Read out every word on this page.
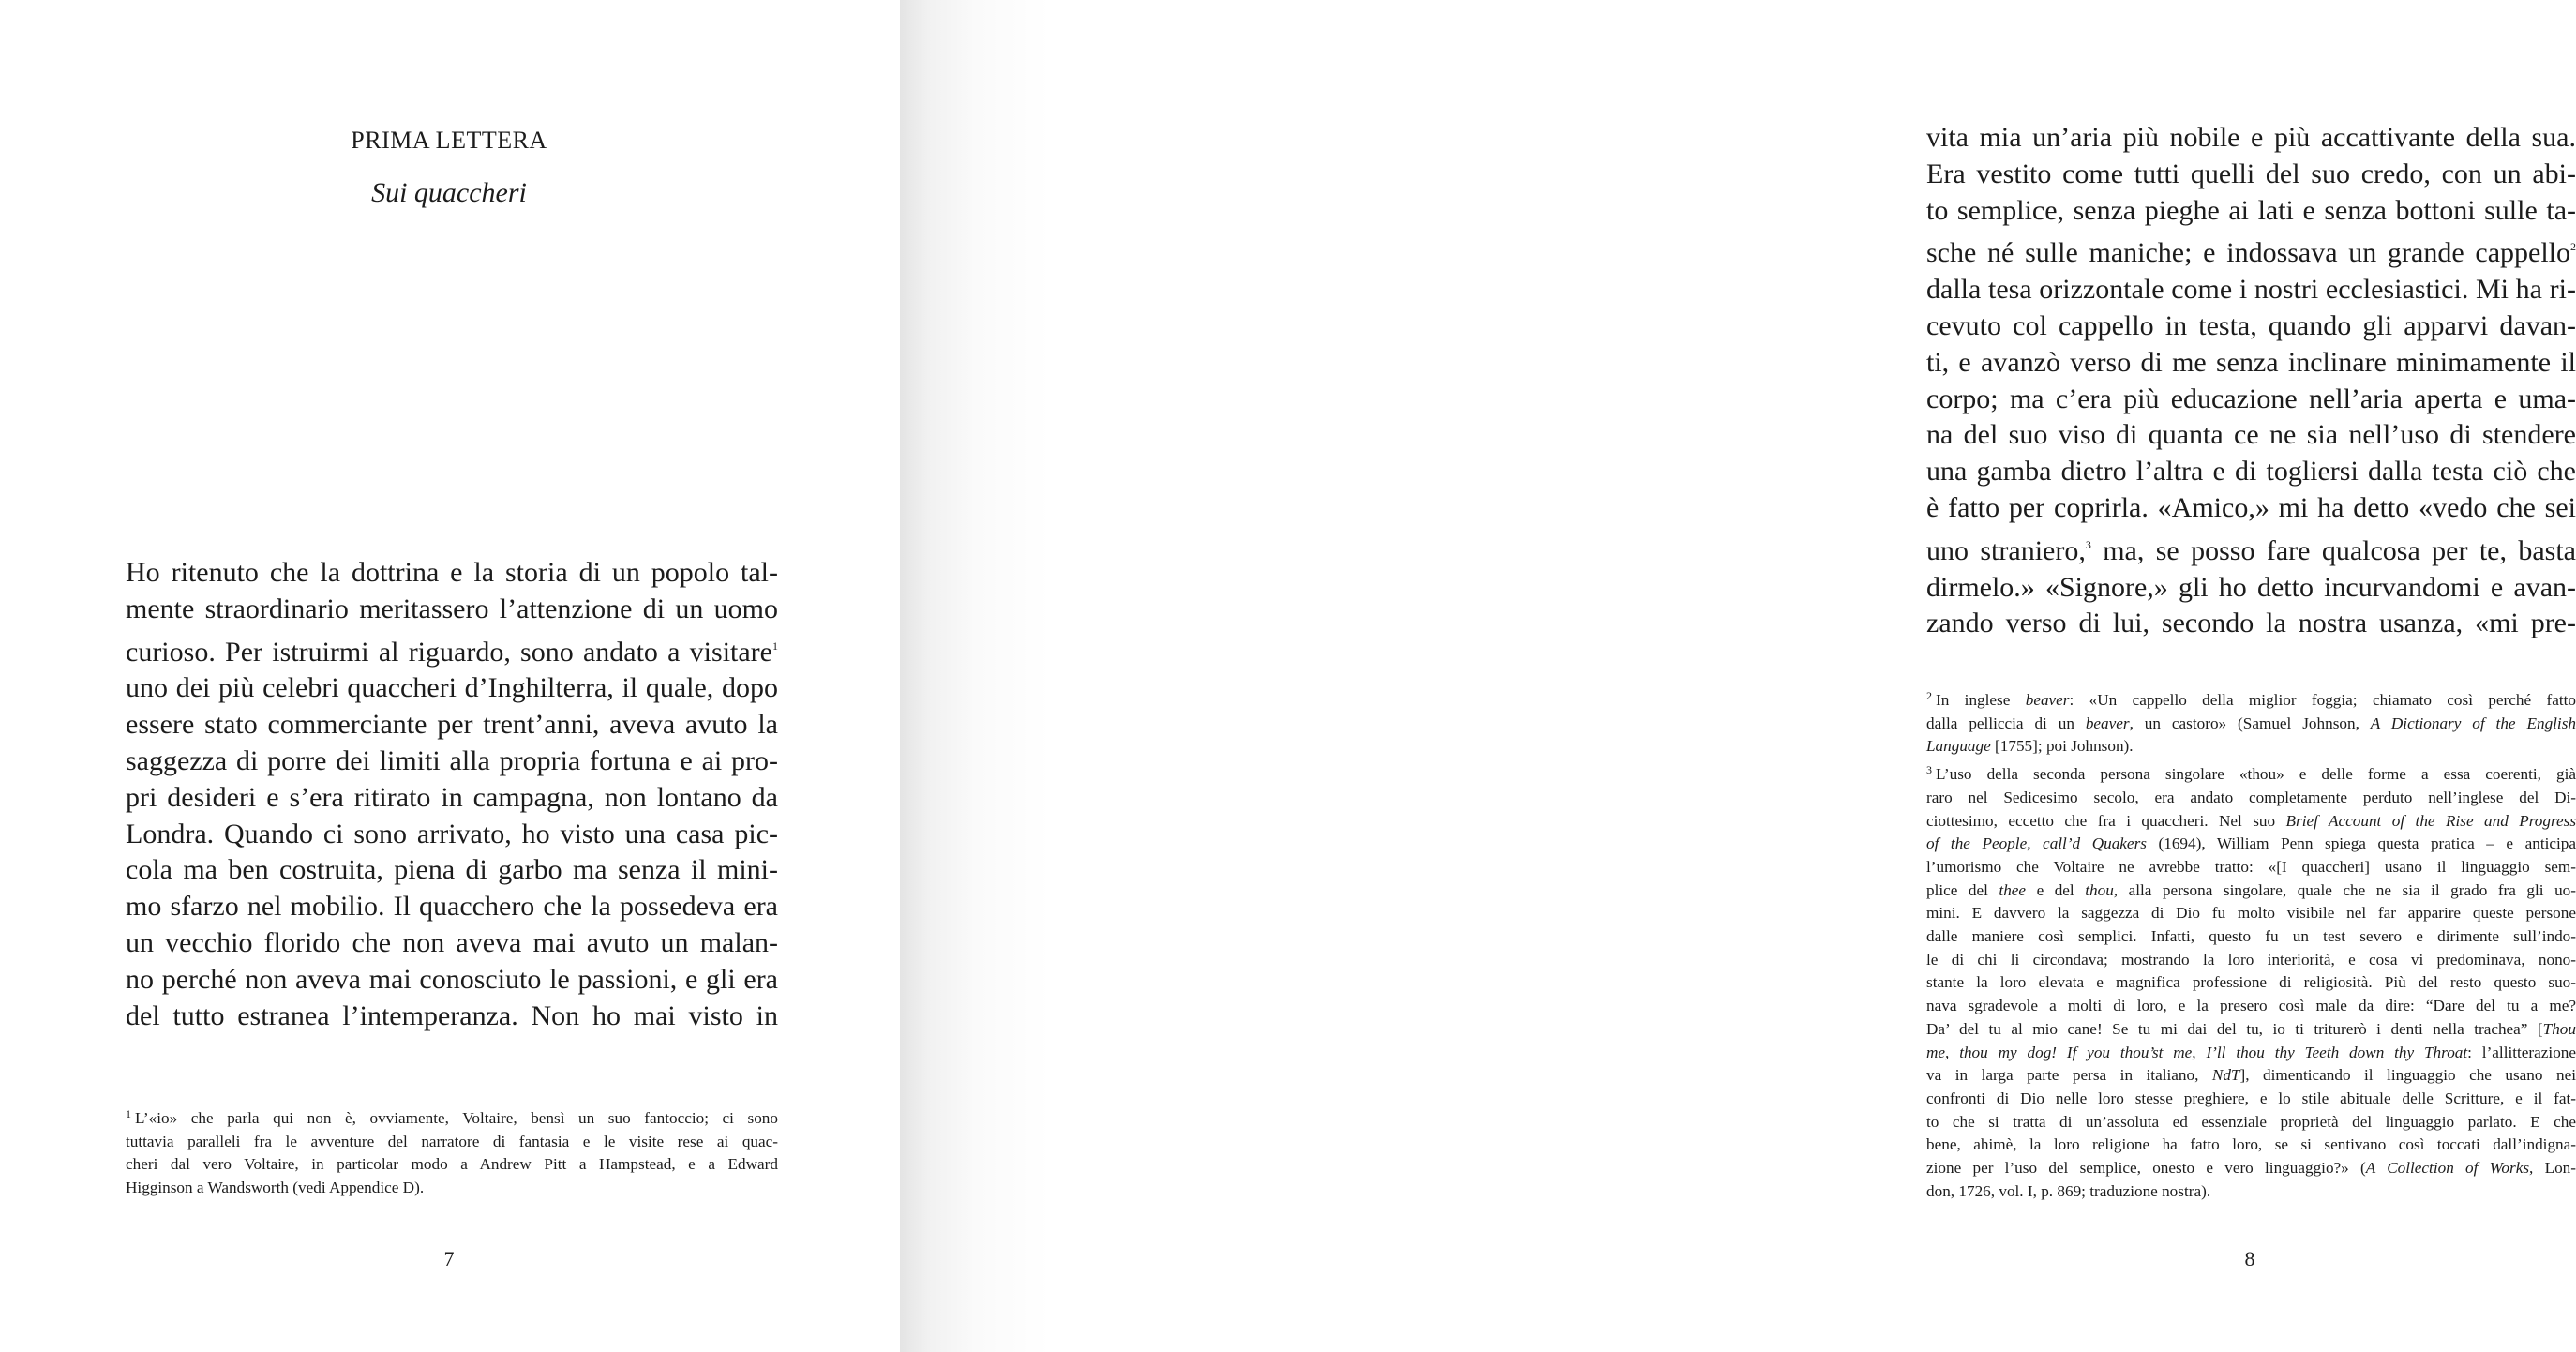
PRIMA LETTERA
Sui quaccheri
Ho ritenuto che la dottrina e la storia di un popolo tal-
mente straordinario meritassero l’attenzione di un uomo
curioso. Per istruirmi al riguardo, sono andato a visitare$^1$
uno dei più celebri quaccheri d’Inghilterra, il quale, dopo
essere stato commerciante per trent’anni, aveva avuto la
saggezza di porre dei limiti alla propria fortuna e ai pro-
pri desideri e s’era ritirato in campagna, non lontano da
Londra. Quando ci sono arrivato, ho visto una casa pic-
cola ma ben costruita, piena di garbo ma senza il mini-
mo sfarzo nel mobilio. Il quacchero che la possedeva era
un vecchio florido che non aveva mai avuto un malan-
no perché non aveva mai conosciuto le passioni, e gli era
del tutto estranea l’intemperanza. Non ho mai visto in
$^1$ L’«io» che parla qui non è, ovviamente, Voltaire, bensì un suo fantoccio; ci sono
tuttavia paralleli fra le avventure del narratore di fantasia e le visite rese ai quac-
cheri dal vero Voltaire, in particolar modo a Andrew Pitt a Hampstead, e a Edward
Higginson a Wandsworth (vedi Appendice D).
7
vita mia un’aria più nobile e più accattivante della sua.
Era vestito come tutti quelli del suo credo, con un abi-
to semplice, senza pieghe ai lati e senza bottoni sulle ta-
sche né sulle maniche; e indossava un grande cappello$^2$
dalla tesa orizzontale come i nostri ecclesiastici. Mi ha ri-
cevuto col cappello in testa, quando gli apparvi davan-
ti, e avanzò verso di me senza inclinare minimamente il
corpo; ma c’era più educazione nell’aria aperta e uma-
na del suo viso di quanta ce ne sia nell’uso di stendere
una gamba dietro l’altra e di togliersi dalla testa ciò che
è fatto per coprirla. «Amico,» mi ha detto «vedo che sei
uno straniero,$^3$ ma, se posso fare qualcosa per te, basta
dirmelo.» «Signore,» gli ho detto incurvandomi e avan-
zando verso di lui, secondo la nostra usanza, «mi pre-
$^2$ In inglese beaver: «Un cappello della miglior foggia; chiamato così perché fatto
dalla pelliccia di un beaver, un castoro» (Samuel Johnson, A Dictionary of the English
Language [1755]; poi Johnson).
$^3$ L’uso della seconda persona singolare «thou» e delle forme a essa coerenti, già
raro nel Sedicesimo secolo, era andato completamente perduto nell’inglese del Di-
ciottesimo, eccetto che fra i quaccheri. Nel suo Brief Account of the Rise and Progress
of the People, call’d Quakers (1694), William Penn spiega questa pratica – e anticipa
l’umorismo che Voltaire ne avrebbe tratto: «[I quaccheri] usano il linguaggio sem-
plice del thee e del thou, alla persona singolare, quale che ne sia il grado fra gli uo-
mini. E davvero la saggezza di Dio fu molto visibile nel far apparire queste persone
dalle maniere così semplici. Infatti, questo fu un test severo e dirimente sull’indo-
le di chi li circondava; mostrando la loro interiorità, e cosa vi predominava, nono-
stante la loro elevata e magnifica professione di religiosità. Più del resto questo suo-
nava sgradevole a molti di loro, e la presero così male da dire: “Dare del tu a me?
Da’ del tu al mio cane! Se tu mi dai del tu, io ti triturerò i denti nella trachea” [Thou
me, thou my dog! If you thou’st me, I’ll thou thy Teeth down thy Throat: l’allitterazione
va in larga parte persa in italiano, NdT], dimenticando il linguaggio che usano nei
confronti di Dio nelle loro stesse preghiere, e lo stile abituale delle Scritture, e il fat-
to che si tratta di un’assoluta ed essenziale proprietà del linguaggio parlato. E che
bene, ahimè, la loro religione ha fatto loro, se si sentivano così toccati dall’indigna-
zione per l’uso del semplice, onesto e vero linguaggio?» (A Collection of Works, Lon-
don, 1726, vol. I, p. 869; traduzione nostra).
8
